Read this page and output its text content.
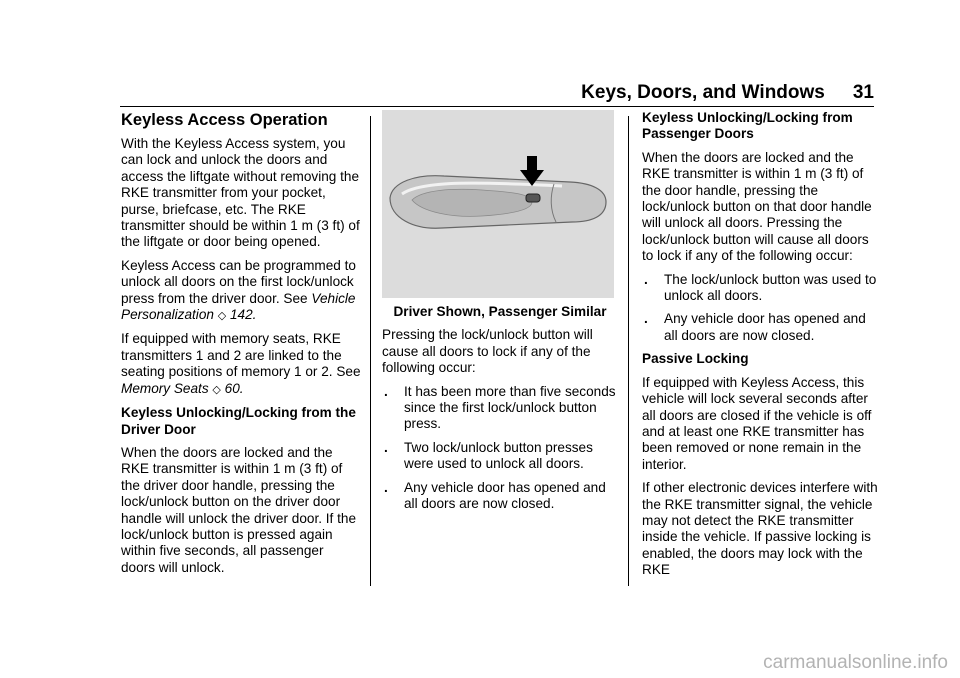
Keys, Doors, and Windows 31
Keyless Access Operation

With the Keyless Access system, you can lock and unlock the doors and access the liftgate without removing the RKE transmitter from your pocket, purse, briefcase, etc. The RKE transmitter should be within 1 m (3 ft) of the liftgate or door being opened.

Keyless Access can be programmed to unlock all doors on the first lock/unlock press from the driver door. See Vehicle Personalization ◇ 142.

If equipped with memory seats, RKE transmitters 1 and 2 are linked to the seating positions of memory 1 or 2. See Memory Seats ◇ 60.

Keyless Unlocking/Locking from the Driver Door

When the doors are locked and the RKE transmitter is within 1 m (3 ft) of the driver door handle, pressing the lock/unlock button on the driver door handle will unlock the driver door. If the lock/unlock button is pressed again within five seconds, all passenger doors will unlock.

Driver Shown, Passenger Similar

Pressing the lock/unlock button will cause all doors to lock if any of the following occur:

.	It has been more than five seconds since the first lock/unlock button press.
.	Two lock/unlock button presses were used to unlock all doors.
.	Any vehicle door has opened and all doors are now closed.

Keyless Unlocking/Locking from Passenger Doors

When the doors are locked and the RKE transmitter is within 1 m (3 ft) of the door handle, pressing the lock/unlock button on that door handle will unlock all doors. Pressing the lock/unlock button will cause all doors to lock if any of the following occur:

.	The lock/unlock button was used to unlock all doors.
.	Any vehicle door has opened and all doors are now closed.

Passive Locking

If equipped with Keyless Access, this vehicle will lock several seconds after all doors are closed if the vehicle is off and at least one RKE transmitter has been removed or none remain in the interior.

If other electronic devices interfere with the RKE transmitter signal, the vehicle may not detect the RKE transmitter inside the vehicle. If passive locking is enabled, the doors may lock with the RKE

carmanualsonline.info
